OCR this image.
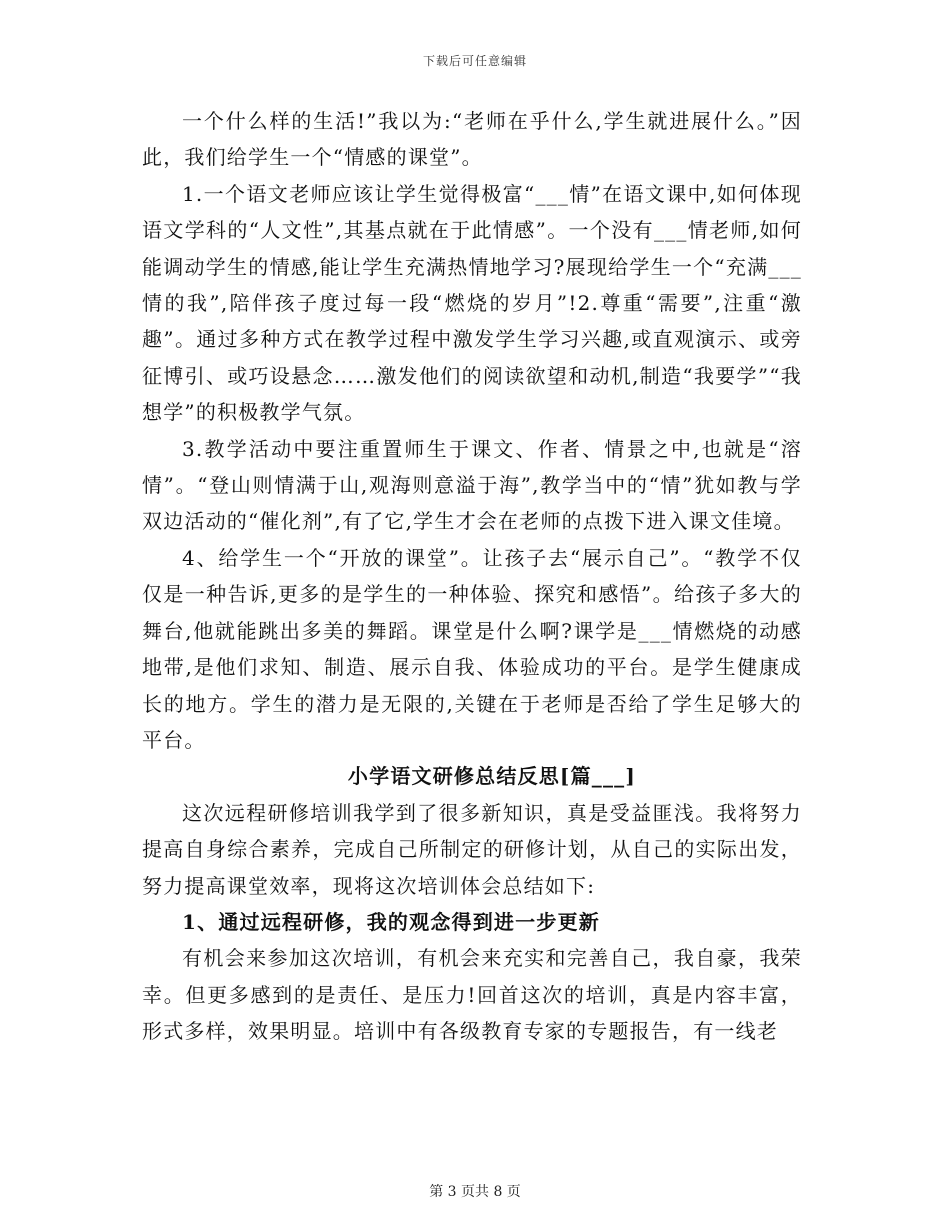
下载后可任意编辑

一个什么样的生活!”我以为:“老师在乎什么,学生就进展什么。”因此，我们给学生一个“情感的课堂”。

1.一个语文老师应该让学生觉得极富“___情”在语文课中,如何体现语文学科的“人文性”,其基点就在于此情感”。一个没有___情老师,如何能调动学生的情感,能让学生充满热情地学习?展现给学生一个“充满___情的我”,陪伴孩子度过每一段“燃烧的岁月”!2.尊重“需要”,注重“激趣”。通过多种方式在教学过程中激发学生学习兴趣,或直观演示、或旁征博引、或巧设悬念……激发他们的阅读欲望和动机,制造“我要学”“我想学”的积极教学气氛。

3.教学活动中要注重置师生于课文、作者、情景之中,也就是“溶情”。“登山则情满于山,观海则意溢于海”,教学当中的“情”犹如教与学双边活动的“催化剂”,有了它,学生才会在老师的点拨下进入课文佳境。

4、给学生一个“开放的课堂”。让孩子去“展示自己”。“教学不仅仅是一种告诉,更多的是学生的一种体验、探究和感悟”。给孩子多大的舞台,他就能跳出多美的舞蹈。课堂是什么啊?课学是___情燃烧的动感地带,是他们求知、制造、展示自我、体验成功的平台。是学生健康成长的地方。学生的潜力是无限的,关键在于老师是否给了学生足够大的平台。

小学语文研修总结反思[篇___]

这次远程研修培训我学到了很多新知识，真是受益匪浅。我将努力提高自身综合素养，完成自己所制定的研修计划，从自己的实际出发，努力提高课堂效率，现将这次培训体会总结如下:

1、通过远程研修，我的观念得到进一步更新

有机会来参加这次培训，有机会来充实和完善自己，我自豪，我荣幸。但更多感到的是责任、是压力!回首这次的培训，真是内容丰富，形式多样，效果明显。培训中有各级教育专家的专题报告，有一线老

第 3 页共 8 页
